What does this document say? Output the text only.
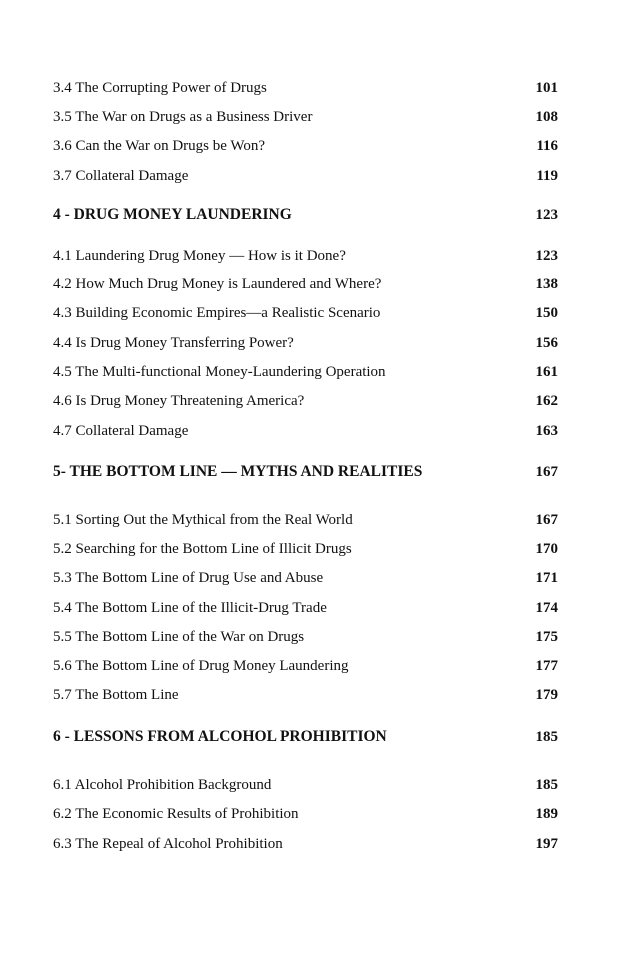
3.4 The Corrupting Power of Drugs	101
3.5 The War on Drugs as a Business Driver	108
3.6 Can the War on Drugs be Won?	116
3.7 Collateral Damage	119
4 - DRUG MONEY LAUNDERING	123
4.1 Laundering Drug Money — How is it Done?	123
4.2 How Much Drug Money is Laundered and Where?	138
4.3 Building Economic Empires—a Realistic Scenario	150
4.4 Is Drug Money Transferring Power?	156
4.5 The Multi-functional Money-Laundering Operation	161
4.6 Is Drug Money Threatening America?	162
4.7 Collateral Damage	163
5- THE BOTTOM LINE — MYTHS AND REALITIES	167
5.1 Sorting Out the Mythical from the Real World	167
5.2 Searching for the Bottom Line of Illicit Drugs	170
5.3 The Bottom Line of Drug Use and Abuse	171
5.4 The Bottom Line of the Illicit-Drug Trade	174
5.5 The Bottom Line of the War on Drugs	175
5.6 The Bottom Line of Drug Money Laundering	177
5.7 The Bottom Line	179
6 - LESSONS FROM ALCOHOL PROHIBITION	185
6.1 Alcohol Prohibition Background	185
6.2 The Economic Results of Prohibition	189
6.3 The Repeal of Alcohol Prohibition	197
